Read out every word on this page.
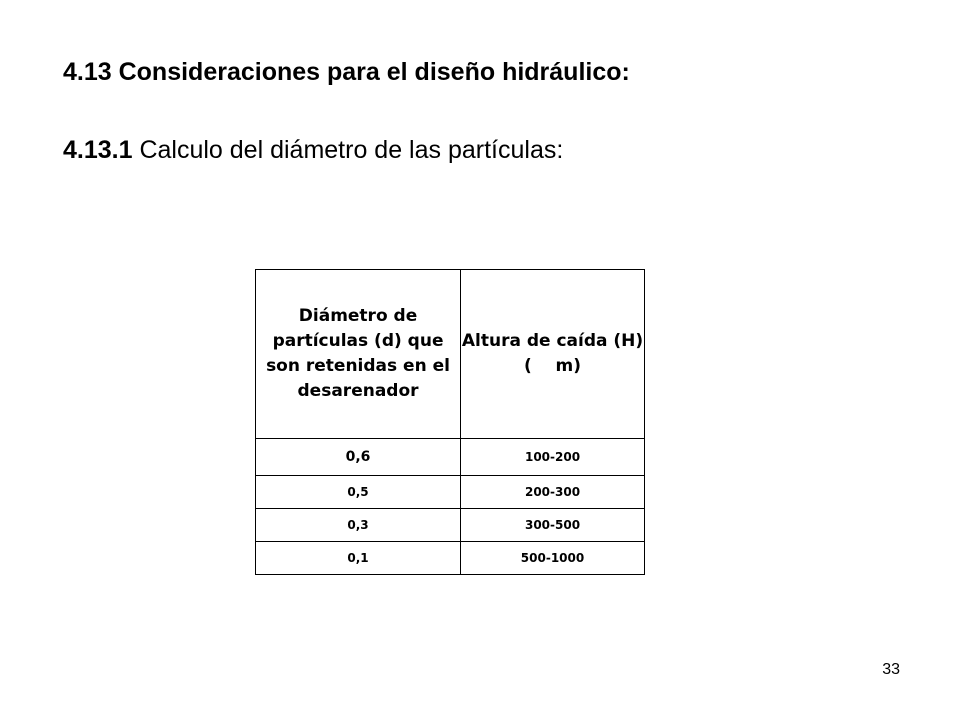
4.13 Consideraciones para el diseño hidráulico:
4.13.1 Calculo del diámetro de las partículas:
Diámetro de partículas (d) que son retenidas en el desarenador	Altura de caída (H)    (    m)
0,6	100-200
0,5	200-300
0,3	300-500
0,1	500-1000
33
